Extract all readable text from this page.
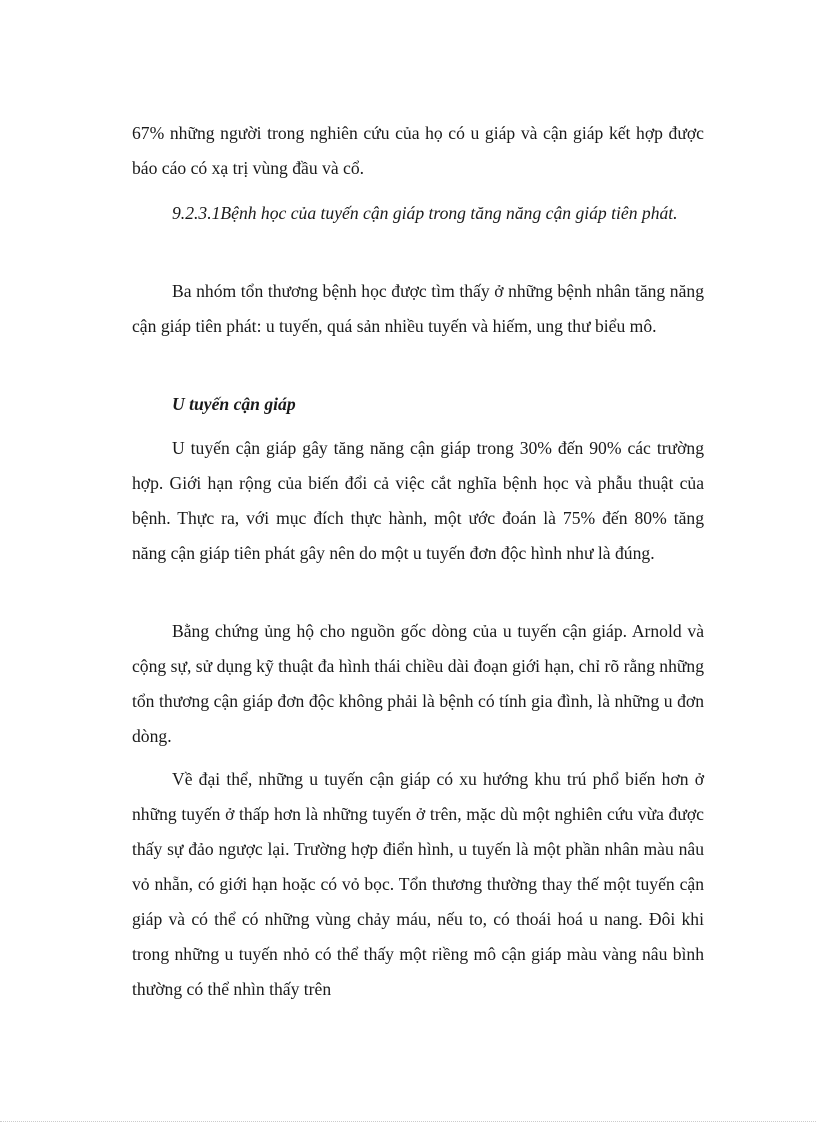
67% những người trong nghiên cứu của họ có u giáp và cận giáp kết hợp được báo cáo có xạ trị vùng đầu và cổ.

9.2.3.1Bệnh học của tuyến cận giáp trong tăng năng cận giáp tiên phát.

Ba nhóm tổn thương bệnh học được tìm thấy ở những bệnh nhân tăng năng cận giáp tiên phát: u tuyến, quá sản nhiều tuyến và hiếm, ung thư biểu mô.

U tuyến cận giáp

U tuyến cận giáp gây tăng năng cận giáp trong 30% đến 90% các trường hợp. Giới hạn rộng của biến đổi cả việc cắt nghĩa bệnh học và phẫu thuật của bệnh. Thực ra, với mục đích thực hành, một ước đoán là 75% đến 80% tăng năng cận giáp tiên phát gây nên do một u tuyến đơn độc hình như là đúng.

Bằng chứng ủng hộ cho nguồn gốc dòng của u tuyến cận giáp. Arnold và cộng sự, sử dụng kỹ thuật đa hình thái chiều dài đoạn giới hạn, chỉ rõ rằng những tổn thương cận giáp đơn độc không phải là bệnh có tính gia đình, là những u đơn dòng.

Về đại thể, những u tuyến cận giáp có xu hướng khu trú phổ biến hơn ở những tuyến ở thấp hơn là những tuyến ở trên, mặc dù một nghiên cứu vừa được thấy sự đảo ngược lại. Trường hợp điển hình, u tuyến là một phần nhân màu nâu vỏ nhẵn, có giới hạn hoặc có vỏ bọc. Tổn thương thường thay thế một tuyến cận giáp và có thể có những vùng chảy máu, nếu to, có thoái hoá u nang. Đôi khi trong những u tuyến nhỏ có thể thấy một riềng mô cận giáp màu vàng nâu bình thường có thể nhìn thấy trên
